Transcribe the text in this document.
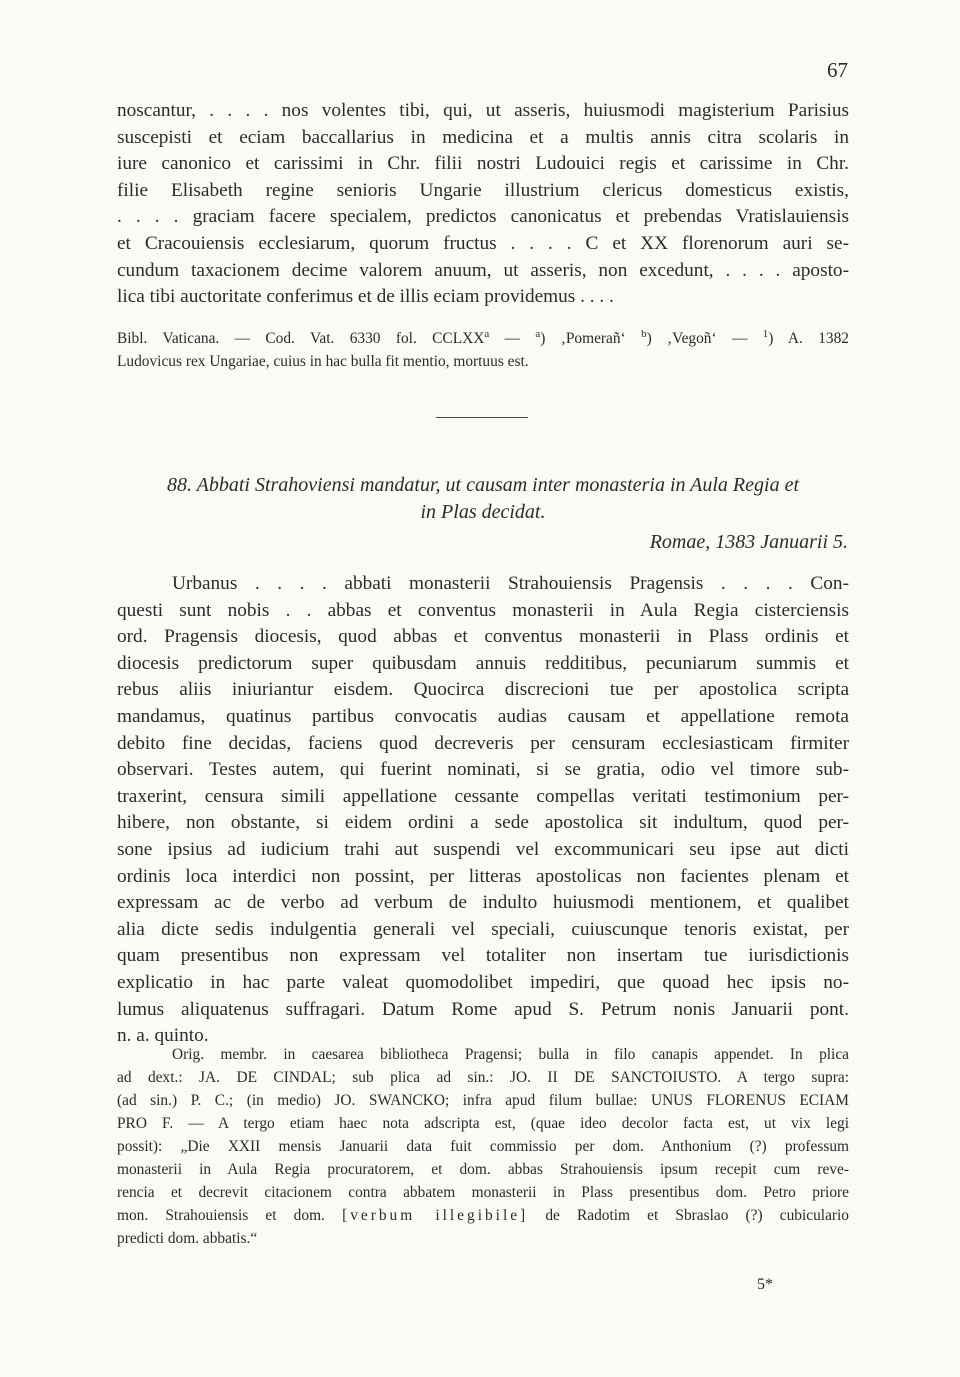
67
noscantur, . . . . nos volentes tibi, qui, ut asseris, huiusmodi magisterium Parisius
suscepisti et eciam baccallarius in medicina et a multis annis citra scolaris in
iure canonico et carissimi in Chr. filii nostri Ludouici regis et carissime in Chr.
filie Elisabeth regine senioris Ungarie illustrium clericus domesticus existis,
. . . . graciam facere specialem, predictos canonicatus et prebendas Vratislauiensis
et Cracouiensis ecclesiarum, quorum fructus . . . . C et XX florenorum auri se-
cundum taxacionem decime valorem anuum, ut asseris, non excedunt, . . . . aposto-
lica tibi auctoritate conferimus et de illis eciam providemus . . . .
Bibl. Vaticana. — Cod. Vat. 6330 fol. CCLXX$^a$ — $^a$) ‚Pomerañ‘ $^b$) ‚Vegoñ‘ — $^1$) A. 1382
Ludovicus rex Ungariae, cuius in hac bulla fit mentio, mortuus est.
88. Abbati Strahoviensi mandatur, ut causam inter monasteria in Aula Regia et
in Plas decidat.
Romae, 1383 Januarii 5.
Urbanus . . . . abbati monasterii Strahouiensis Pragensis . . . . Con-
questi sunt nobis . . abbas et conventus monasterii in Aula Regia cisterciensis
ord. Pragensis diocesis, quod abbas et conventus monasterii in Plass ordinis et
diocesis predictorum super quibusdam annuis redditibus, pecuniarum summis et
rebus aliis iniuriantur eisdem. Quocirca discrecioni tue per apostolica scripta
mandamus, quatinus partibus convocatis audias causam et appellatione remota
debito fine decidas, faciens quod decreveris per censuram ecclesiasticam firmiter
observari. Testes autem, qui fuerint nominati, si se gratia, odio vel timore sub-
traxerint, censura simili appellatione cessante compellas veritati testimonium per-
hibere, non obstante, si eidem ordini a sede apostolica sit indultum, quod per-
sone ipsius ad iudicium trahi aut suspendi vel excommunicari seu ipse aut dicti
ordinis loca interdici non possint, per litteras apostolicas non facientes plenam et
expressam ac de verbo ad verbum de indulto huiusmodi mentionem, et qualibet
alia dicte sedis indulgentia generali vel speciali, cuiuscunque tenoris existat, per
quam presentibus non expressam vel totaliter non insertam tue iurisdictionis
explicatio in hac parte valeat quomodolibet impediri, que quoad hec ipsis no-
lumus aliquatenus suffragari. Datum Rome apud S. Petrum nonis Januarii pont.
n. a. quinto.
Orig. membr. in caesarea bibliotheca Pragensi; bulla in filo canapis appendet. In plica
ad dext.: JA. DE CINDAL; sub plica ad sin.: JO. II DE SANCTOIUSTO. A tergo supra:
(ad sin.) P. C.; (in medio) JO. SWANCKO; infra apud filum bullae: UNUS FLORENUS ECIAM
PRO F. — A tergo etiam haec nota adscripta est, (quae ideo decolor facta est, ut vix legi
possit): „Die XXII mensis Januarii data fuit commissio per dom. Anthonium (?) professum
monasterii in Aula Regia procuratorem, et dom. abbas Strahouiensis ipsum recepit cum reve-
rencia et decrevit citacionem contra abbatem monasterii in Plass presentibus dom. Petro priore
mon. Strahouiensis et dom. [verbum illegibile] de Radotim et Sbraslao (?) cubiculario
predicti dom. abbatis.“
5*
